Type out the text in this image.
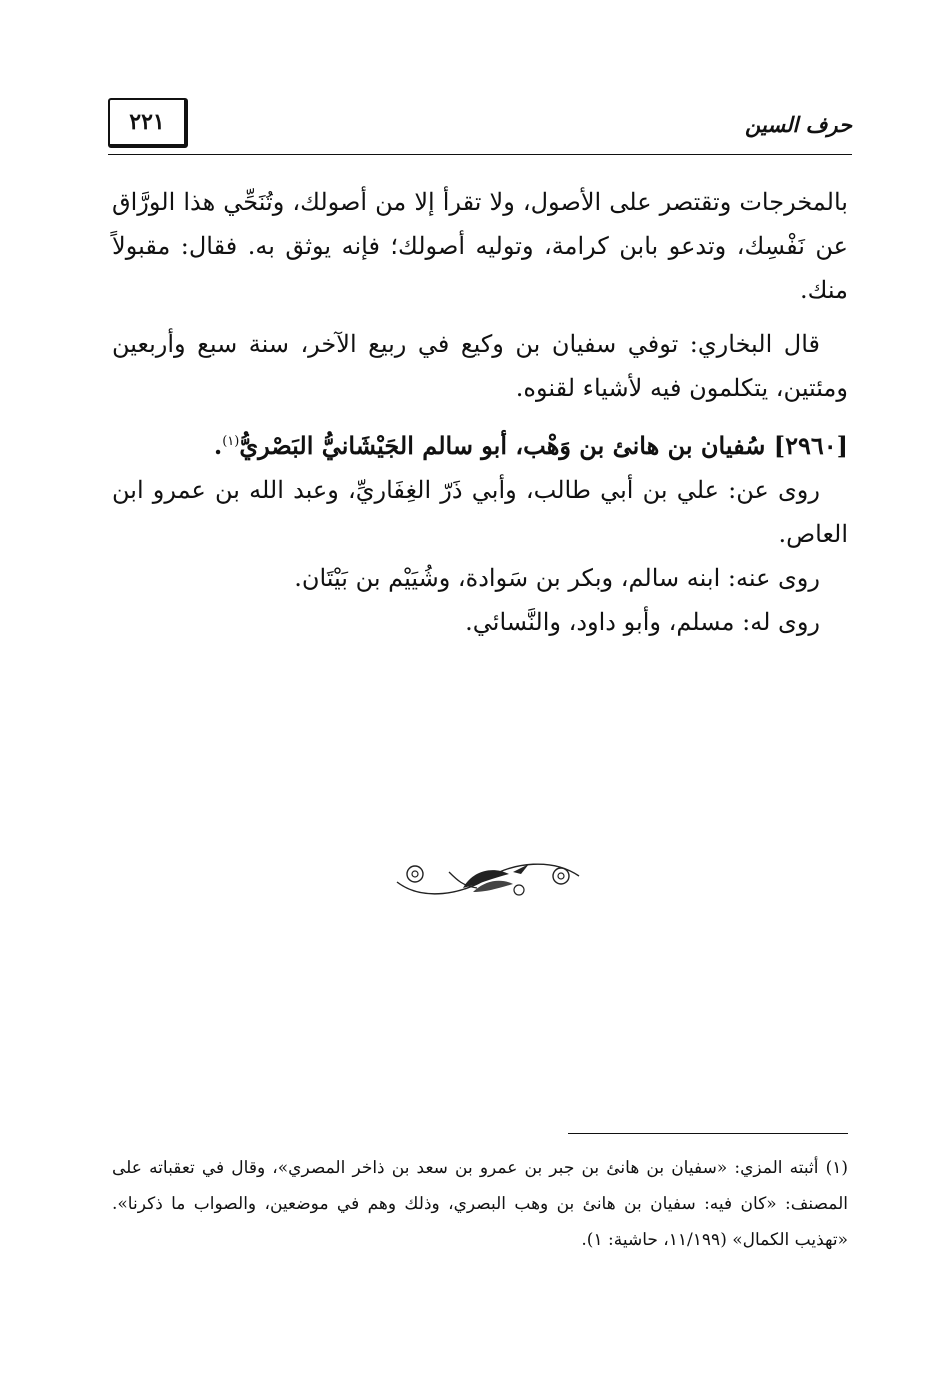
٢٢١	حرف السين

بالمخرجات وتقتصر على الأصول، ولا تقرأ إلا من أصولك، وتُنَحِّي هذا الورَّاق عن نَفْسِك، وتدعو بابن كرامة، وتوليه أصولك؛ فإنه يوثق به. فقال: مقبولاً منك.

قال البخاري: توفي سفيان بن وكيع في ربيع الآخر، سنة سبع وأربعين ومئتين، يتكلمون فيه لأشياء لقنوه.

[٢٩٦٠] سُفيان بن هانئ بن وَهْب، أبو سالم الجَيْشَانيُّ البَصْريُّ$^{(١)}$.

روى عن: علي بن أبي طالب، وأبي ذَرّ الغِفَاريِّ، وعبد الله بن عمرو ابن العاص.

روى عنه: ابنه سالم، وبكر بن سَوادة، وشُيَيْم بن بَيْتَان.

روى له: مسلم، وأبو داود، والنَّسائي.

(١) أثبته المزي: «سفيان بن هانئ بن جبر بن عمرو بن سعد بن ذاخر المصري»، وقال في تعقباته على المصنف: «كان فيه: سفيان بن هانئ بن وهب البصري، وذلك وهم في موضعين، والصواب ما ذكرنا». «تهذيب الكمال» (١١/١٩٩، حاشية: ١).
